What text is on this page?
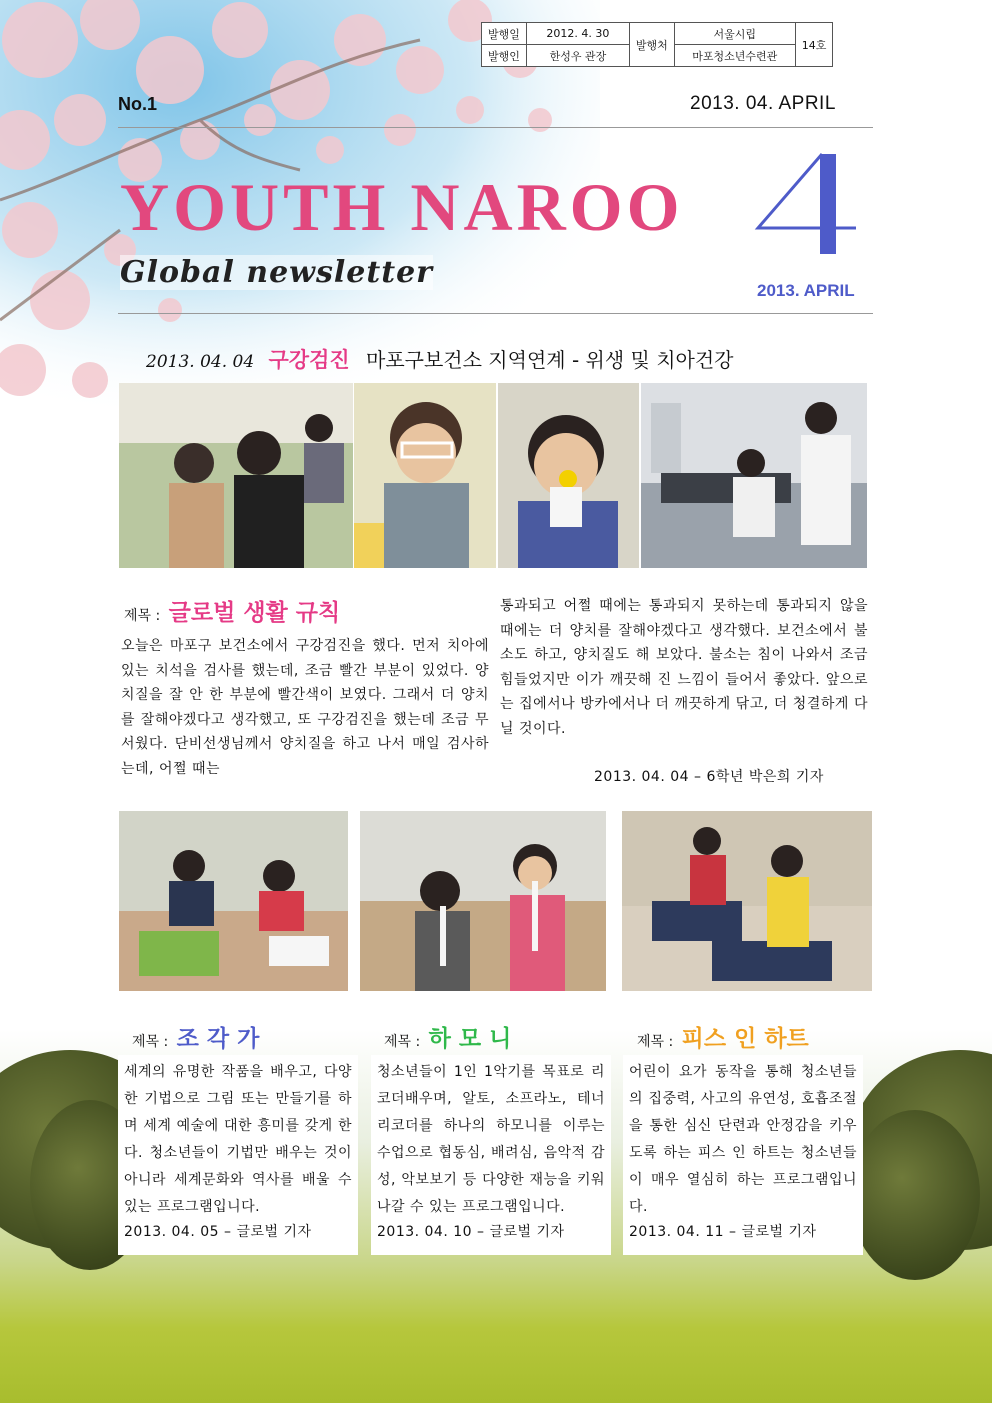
발행일	2012. 4. 30	발행처	서울시립	14호
발행인	한성우 관장		마포청소년수련관	
No.1	2013. 04. APRIL
YOUTH NAROO
Global newsletter
4
2013. APRIL
2013. 04. 04 구강검진 마포구보건소 지역연계 - 위생 및 치아건강
제목 : 글로벌 생활 규칙
오늘은 마포구 보건소에서 구강검진을 했다. 먼저 치아에 있는 치석을 검사를 했는데, 조금 빨간 부분이 있었다. 양치질을 잘 안 한 부분에 빨간색이 보였다. 그래서 더 양치를 잘해야겠다고 생각했고, 또 구강검진을 했는데 조금 무서웠다. 단비선생님께서 양치질을 하고 나서 매일 검사하는데, 어쩔 때는
통과되고 어쩔 때에는 통과되지 못하는데 통과되지 않을 때에는 더 양치를 잘해야겠다고 생각했다. 보건소에서 불소도 하고, 양치질도 해 보았다. 불소는 침이 나와서 조금 힘들었지만 이가 깨끗해 진 느낌이 들어서 좋았다. 앞으로는 집에서나 방카에서나 더 깨끗하게 닦고, 더 청결하게 다닐 것이다.
2013. 04. 04 – 6학년 박은희 기자
제목 : 조 각 가
세계의 유명한 작품을 배우고, 다양한 기법으로 그림 또는 만들기를 하며 세계 예술에 대한 흥미를 갖게 한다. 청소년들이 기법만 배우는 것이 아니라 세계문화와 역사를 배울 수 있는 프로그램입니다.
2013. 04. 05 – 글로벌 기자
제목 : 하 모 니
청소년들이 1인 1악기를 목표로 리코더배우며, 알토, 소프라노, 테너 리코더를 하나의 하모니를 이루는 수업으로 협동심, 배려심, 음악적 감성, 악보보기 등 다양한 재능을 키워나갈 수 있는 프로그램입니다.
2013. 04. 10 – 글로벌 기자
제목 : 피스 인 하트
어린이 요가 동작을 통해 청소년들의 집중력, 사고의 유연성, 호흡조절을 통한 심신 단련과 안정감을 키우도록 하는 피스 인 하트는 청소년들이 매우 열심히 하는 프로그램입니다.
2013. 04. 11 – 글로벌 기자
